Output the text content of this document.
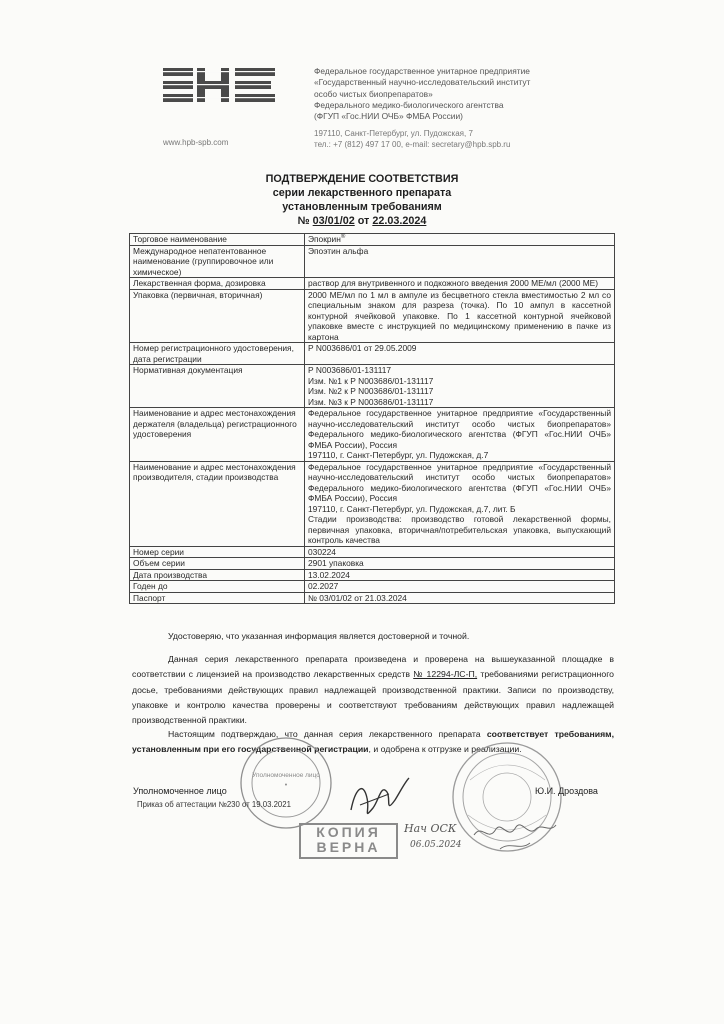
Федеральное государственное унитарное предприятие
«Государственный научно-исследовательский институт
особо чистых биопрепаратов»
Федерального медико-биологического агентства
(ФГУП «Гос.НИИ ОЧБ» ФМБА России)
www.hpb-spb.com
197110, Санкт-Петербург, ул. Пудожская, 7
тел.: +7 (812) 497 17 00, e-mail: secretary@hpb.spb.ru
ПОДТВЕРЖДЕНИЕ СООТВЕТСТВИЯ
серии лекарственного препарата
установленным требованиям
№ 03/01/02 от 22.03.2024
Торговое наименование	Эпокрин®
Международное непатентованное наименование (группировочное или химическое)	Эпоэтин альфа
Лекарственная форма, дозировка	раствор для внутривенного и подкожного введения 2000 МЕ/мл (2000 МЕ)
Упаковка (первичная, вторичная)	2000 МЕ/мл по 1 мл в ампуле из бесцветного стекла вместимостью 2 мл со специальным знаком для разреза (точка). По 10 ампул в кассетной контурной ячейковой упаковке. По 1 кассетной контурной ячейковой упаковке вместе с инструкцией по медицинскому применению в пачке из картона
Номер регистрационного удостоверения, дата регистрации	Р N003686/01 от 29.05.2009
Нормативная документация	Р N003686/01-131117
Изм. №1 к Р N003686/01-131117
Изм. №2 к Р N003686/01-131117
Изм. №3 к Р N003686/01-131117

Наименование и адрес местонахождения держателя (владельца) регистрационного удостоверения	Федеральное государственное унитарное предприятие «Государственный научно-исследовательский институт особо чистых биопрепаратов» Федерального медико-биологического агентства (ФГУП «Гос.НИИ ОЧБ» ФМБА России), Россия
197110, г. Санкт-Петербург, ул. Пудожская, д.7

Наименование и адрес местонахождения производителя, стадии производства	Федеральное государственное унитарное предприятие «Государственный научно-исследовательский институт особо чистых биопрепаратов» Федерального медико-биологического агентства (ФГУП «Гос.НИИ ОЧБ» ФМБА России), Россия
197110, г. Санкт-Петербург, ул. Пудожская, д.7, лит. Б
Стадии производства: производство готовой лекарственной формы, первичная упаковка, вторичная/потребительская упаковка, выпускающий контроль качества

Номер серии	030224
Объем серии	2901 упаковка
Дата производства	13.02.2024
Годен до	02.2027
Паспорт	№ 03/01/02 от 21.03.2024

Удостоверяю, что указанная информация является достоверной и точной.

Данная серия лекарственного препарата произведена и проверена на вышеуказанной площадке в соответствии с лицензией на производство лекарственных средств № 12294-ЛС-П, требованиями регистрационного досье, требованиями действующих правил надлежащей производственной практики. Записи по производству, упаковке и контролю качества проверены и соответствуют требованиям действующих правил надлежащей производственной практики.

Настоящим подтверждаю, что данная серия лекарственного препарата соответствует требованиям, установленным при его государственной регистрации, и одобрена к отгрузке и реализации.

Уполномоченное лицо
•
Уполномоченное лицо
Приказ об аттестации №230 от 19.03.2021
Ю.И. Дроздова
КОПИЯ
ВЕРНА
Нач ОСК
06.05.2024
